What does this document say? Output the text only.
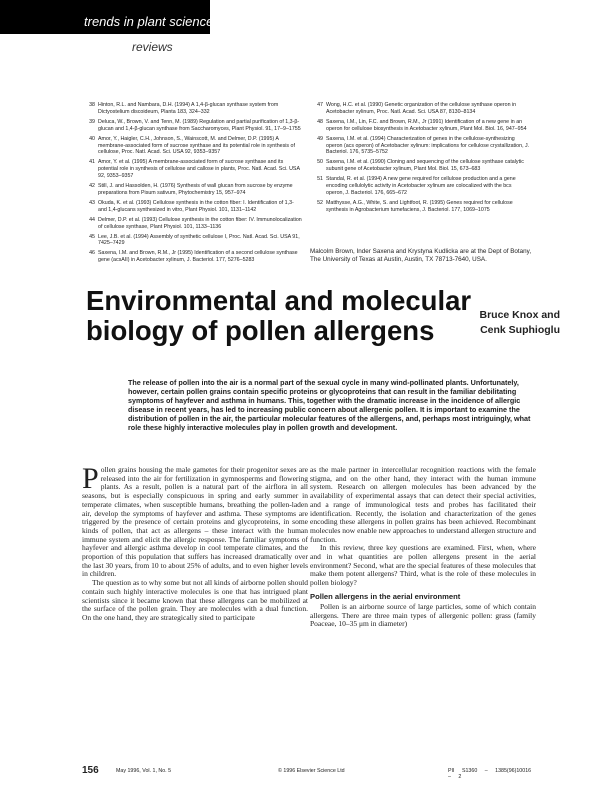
trends in plant science
reviews
38 Hinton, R.L. and Nambara, D.H. (1994) A 1,4-β-glucan synthase system from Dictyostelium discoideum, Planta 183, 324–332
39 Deluca, W., Brown, V. and Tenn, M. (1989) Regulation and partial purification of 1,3-β-glucan and 1,4-β-glucan synthase from Saccharomyces, Plant Physiol. 91, 17–9–1755
40 Amor, Y., Haigler, C.H., Johnson, S., Wainscott, M. and Delmer, D.P. (1995) A membrane-associated form of sucrose synthase and its potential role in synthesis of cellulose, Proc. Natl. Acad. Sci. USA 92, 9353–9357
41 Amor, Y. et al. (1995) A membrane-associated form of sucrose synthase and its potential role in synthesis of cellulose and callose in plants, Proc. Natl. Acad. Sci. USA 92, 9353–9357
42 Still, J. and Hassolden, H. (1976) Synthesis of wall glucan from sucrose by enzyme preparations from Pisum sativum, Phytochemistry 15, 957–974
43 Okuda, K. et al. (1993) Cellulose synthesis in the cotton fiber: I. Identification of 1,3- and 1,4-glucans synthesized in vitro, Plant Physiol. 101, 1131–1142
44 Delmer, D.P. et al. (1993) Cellulose synthesis in the cotton fiber: IV. Immunolocalization of cellulose synthase, Plant Physiol. 101, 1133–1136
45 Lee, J.B. et al. (1994) Assembly of synthetic cellulose I, Proc. Natl. Acad. Sci. USA 91, 7425–7429
46 Saxena, I.M. and Brown, R.M., Jr (1995) Identification of a second cellulose synthase gene (acsAII) in Acetobacter xylinum, J. Bacteriol. 177, 5276–5283
47 Wong, H.C. et al. (1990) Genetic organization of the cellulose synthase operon in Acetobacter xylinum, Proc. Natl. Acad. Sci. USA 87, 8130–8134
48 Saxena, I.M., Lin, F.C. and Brown, R.M., Jr (1991) Identification of a new gene in an operon for cellulose biosynthesis in Acetobacter xylinum, Plant Mol. Biol. 16, 947–954
49 Saxena, I.M. et al. (1994) Characterization of genes in the cellulose-synthesizing operon (acs operon) of Acetobacter xylinum: implications for cellulose crystallization, J. Bacteriol. 176, 5735–5752
50 Saxena, I.M. et al. (1990) Cloning and sequencing of the cellulose synthase catalytic subunit gene of Acetobacter xylinum, Plant Mol. Biol. 15, 673–683
51 Standal, R. et al. (1994) A new gene required for cellulose production and a gene encoding cellulolytic activity in Acetobacter xylinum are colocalized with the bcs operon, J. Bacteriol. 176, 665–672
52 Matthysse, A.G., White, S. and Lightfoot, R. (1995) Genes required for cellulose synthesis in Agrobacterium tumefaciens, J. Bacteriol. 177, 1069–1075
Malcolm Brown, Inder Saxena and Krystyna Kudlicka are at the Dept of Botany, The University of Texas at Austin, Austin, TX 78713-7640, USA.
Environmental and molecular biology of pollen allergens	Bruce Knox and
Cenk Suphioglu

The release of pollen into the air is a normal part of the sexual cycle in many wind-pollinated plants. Unfortunately, however, certain pollen grains contain specific proteins or glycoproteins that can result in the familiar debilitating symptoms of hayfever and asthma in humans. This, together with the dramatic increase in the incidence of allergic disease in recent years, has led to increasing public concern about allergenic pollen. It is important to examine the distribution of pollen in the air, the particular molecular features of the allergens, and, perhaps most intriguingly, what role these highly interactive molecules play in pollen growth and development.

Pollen grains housing the male gametes for their progenitor sexes are released into the air for fertilization in gymnosperms and flowering plants. As a result, pollen is a natural part of the airflora in all seasons, but is especially conspicuous in spring and early summer in temperate climates, when susceptible humans, breathing the pollen-laden air, develop the symptoms of hayfever and asthma. These symptoms are triggered by the presence of certain proteins and glycoproteins, in some kinds of pollen, that act as allergens – these interact with the human immune system and elicit the allergic response. The familiar symptoms of hayfever and allergic asthma develop in cool temperate climates, and the proportion of this population that suffers has increased dramatically over the last 30 years, from 10 to about 25% of adults, and to even higher levels in children.

The question as to why some but not all kinds of airborne pollen should contain such highly interactive molecules is one that has intrigued plant scientists since it became known that these allergens can be mobilized at the surface of the pollen grain. They are molecules with a dual function. On the one hand, they are strategically sited to participate

as the male partner in intercellular recognition reactions with the female stigma, and on the other hand, they interact with the human immune system. Research on allergen molecules has been advanced by the availability of experimental assays that can detect their special activities, and a range of immunological tests and probes has facilitated their identification. Recently, the isolation and characterization of the genes encoding these allergens in pollen grains has been achieved. Recombinant molecules now enable new approaches to understand allergen structure and function.

In this review, three key questions are examined. First, when, where and in what quantities are pollen allergens present in the aerial environment? Second, what are the special features of these molecules that make them potent allergens? Third, what is the role of these molecules in pollen biology?

Pollen allergens in the aerial environment

Pollen is an airborne source of large particles, some of which contain allergens. There are three main types of allergenic pollen: grass (family Poaceae, 10–35 μm in diameter)

156	May 1996, Vol. 1, No. 5	© 1996 Elsevier Science Ltd	PII S1360 – 1385(96)10016 – 2
